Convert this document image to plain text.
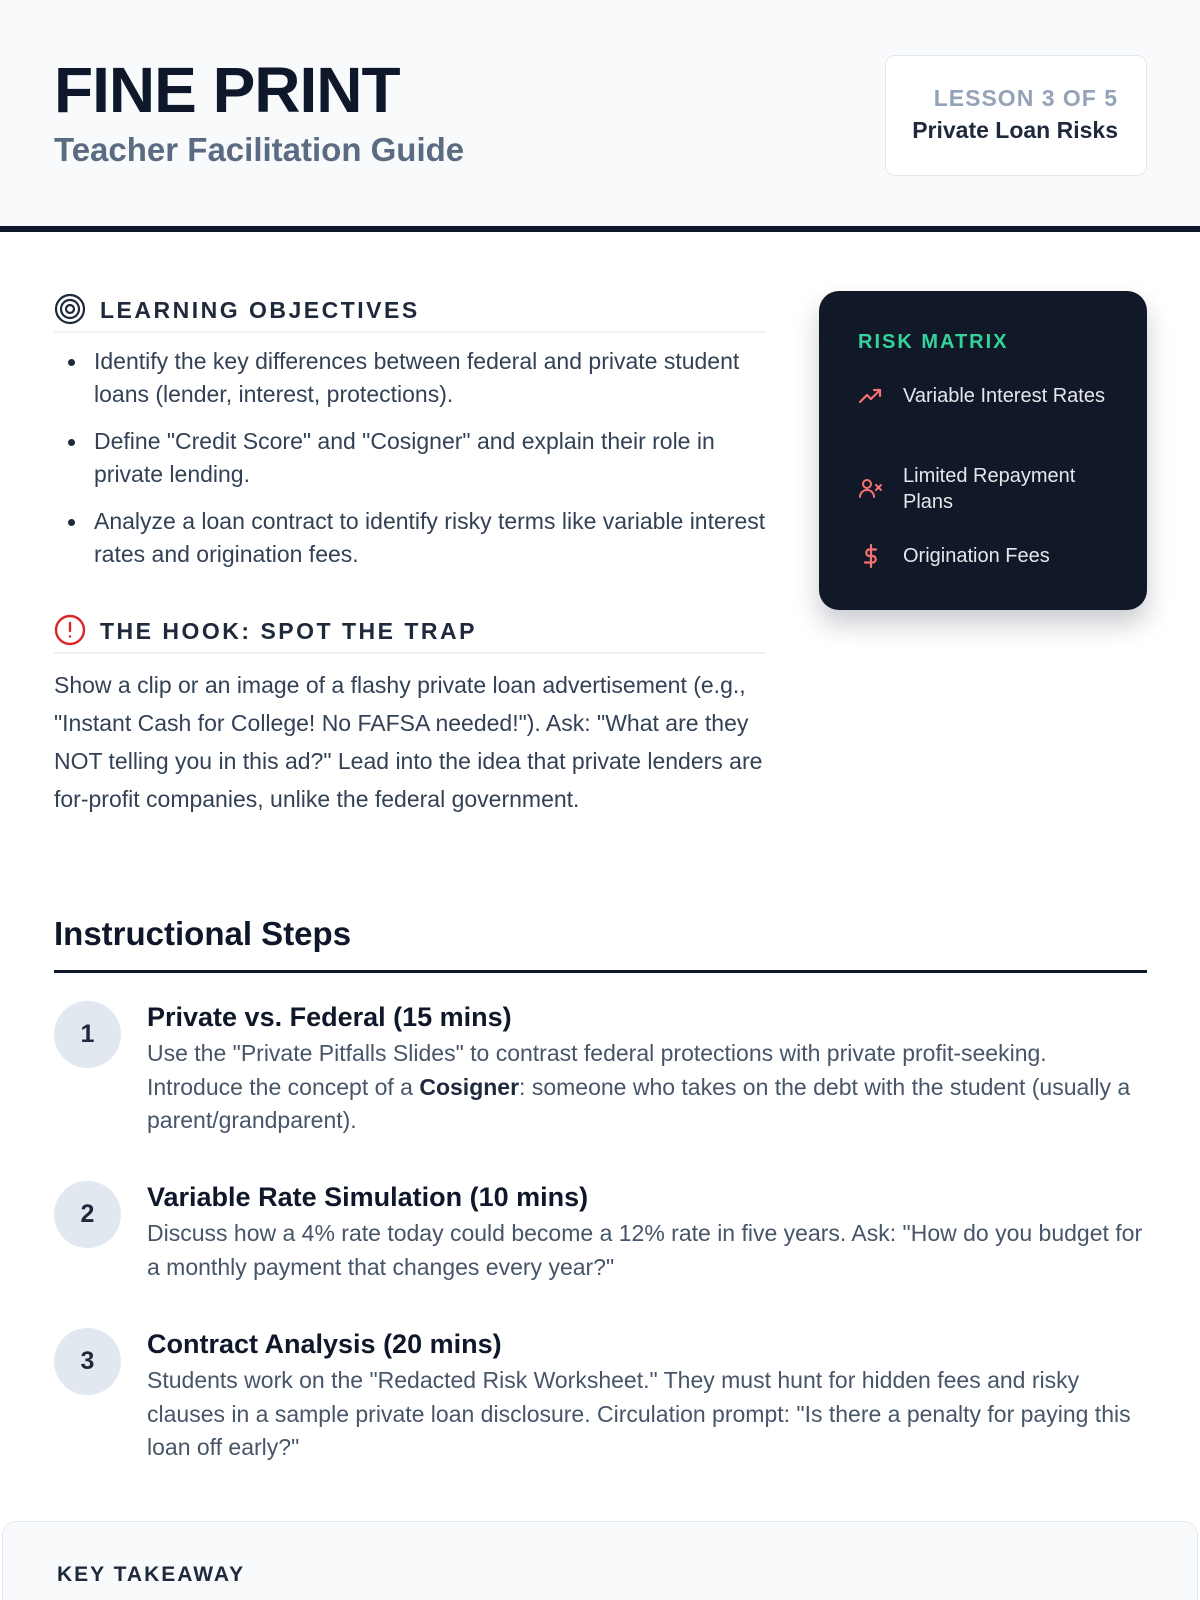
FINE PRINT
Teacher Facilitation Guide
LESSON 3 OF 5
Private Loan Risks
LEARNING OBJECTIVES
Identify the key differences between federal and private student loans (lender, interest, protections).
Define "Credit Score" and "Cosigner" and explain their role in private lending.
Analyze a loan contract to identify risky terms like variable interest rates and origination fees.
THE HOOK: SPOT THE TRAP
Show a clip or an image of a flashy private loan advertisement (e.g., "Instant Cash for College! No FAFSA needed!"). Ask: "What are they NOT telling you in this ad?" Lead into the idea that private lenders are for-profit companies, unlike the federal government.
RISK MATRIX
Variable Interest Rates
Limited Repayment Plans
Origination Fees
Instructional Steps
1
Private vs. Federal (15 mins)
Use the "Private Pitfalls Slides" to contrast federal protections with private profit-seeking. Introduce the concept of a Cosigner: someone who takes on the debt with the student (usually a parent/grandparent).
2
Variable Rate Simulation (10 mins)
Discuss how a 4% rate today could become a 12% rate in five years. Ask: "How do you budget for a monthly payment that changes every year?"
3
Contract Analysis (20 mins)
Students work on the "Redacted Risk Worksheet." They must hunt for hidden fees and risky clauses in a sample private loan disclosure. Circulation prompt: "Is there a penalty for paying this loan off early?"
KEY TAKEAWAY
